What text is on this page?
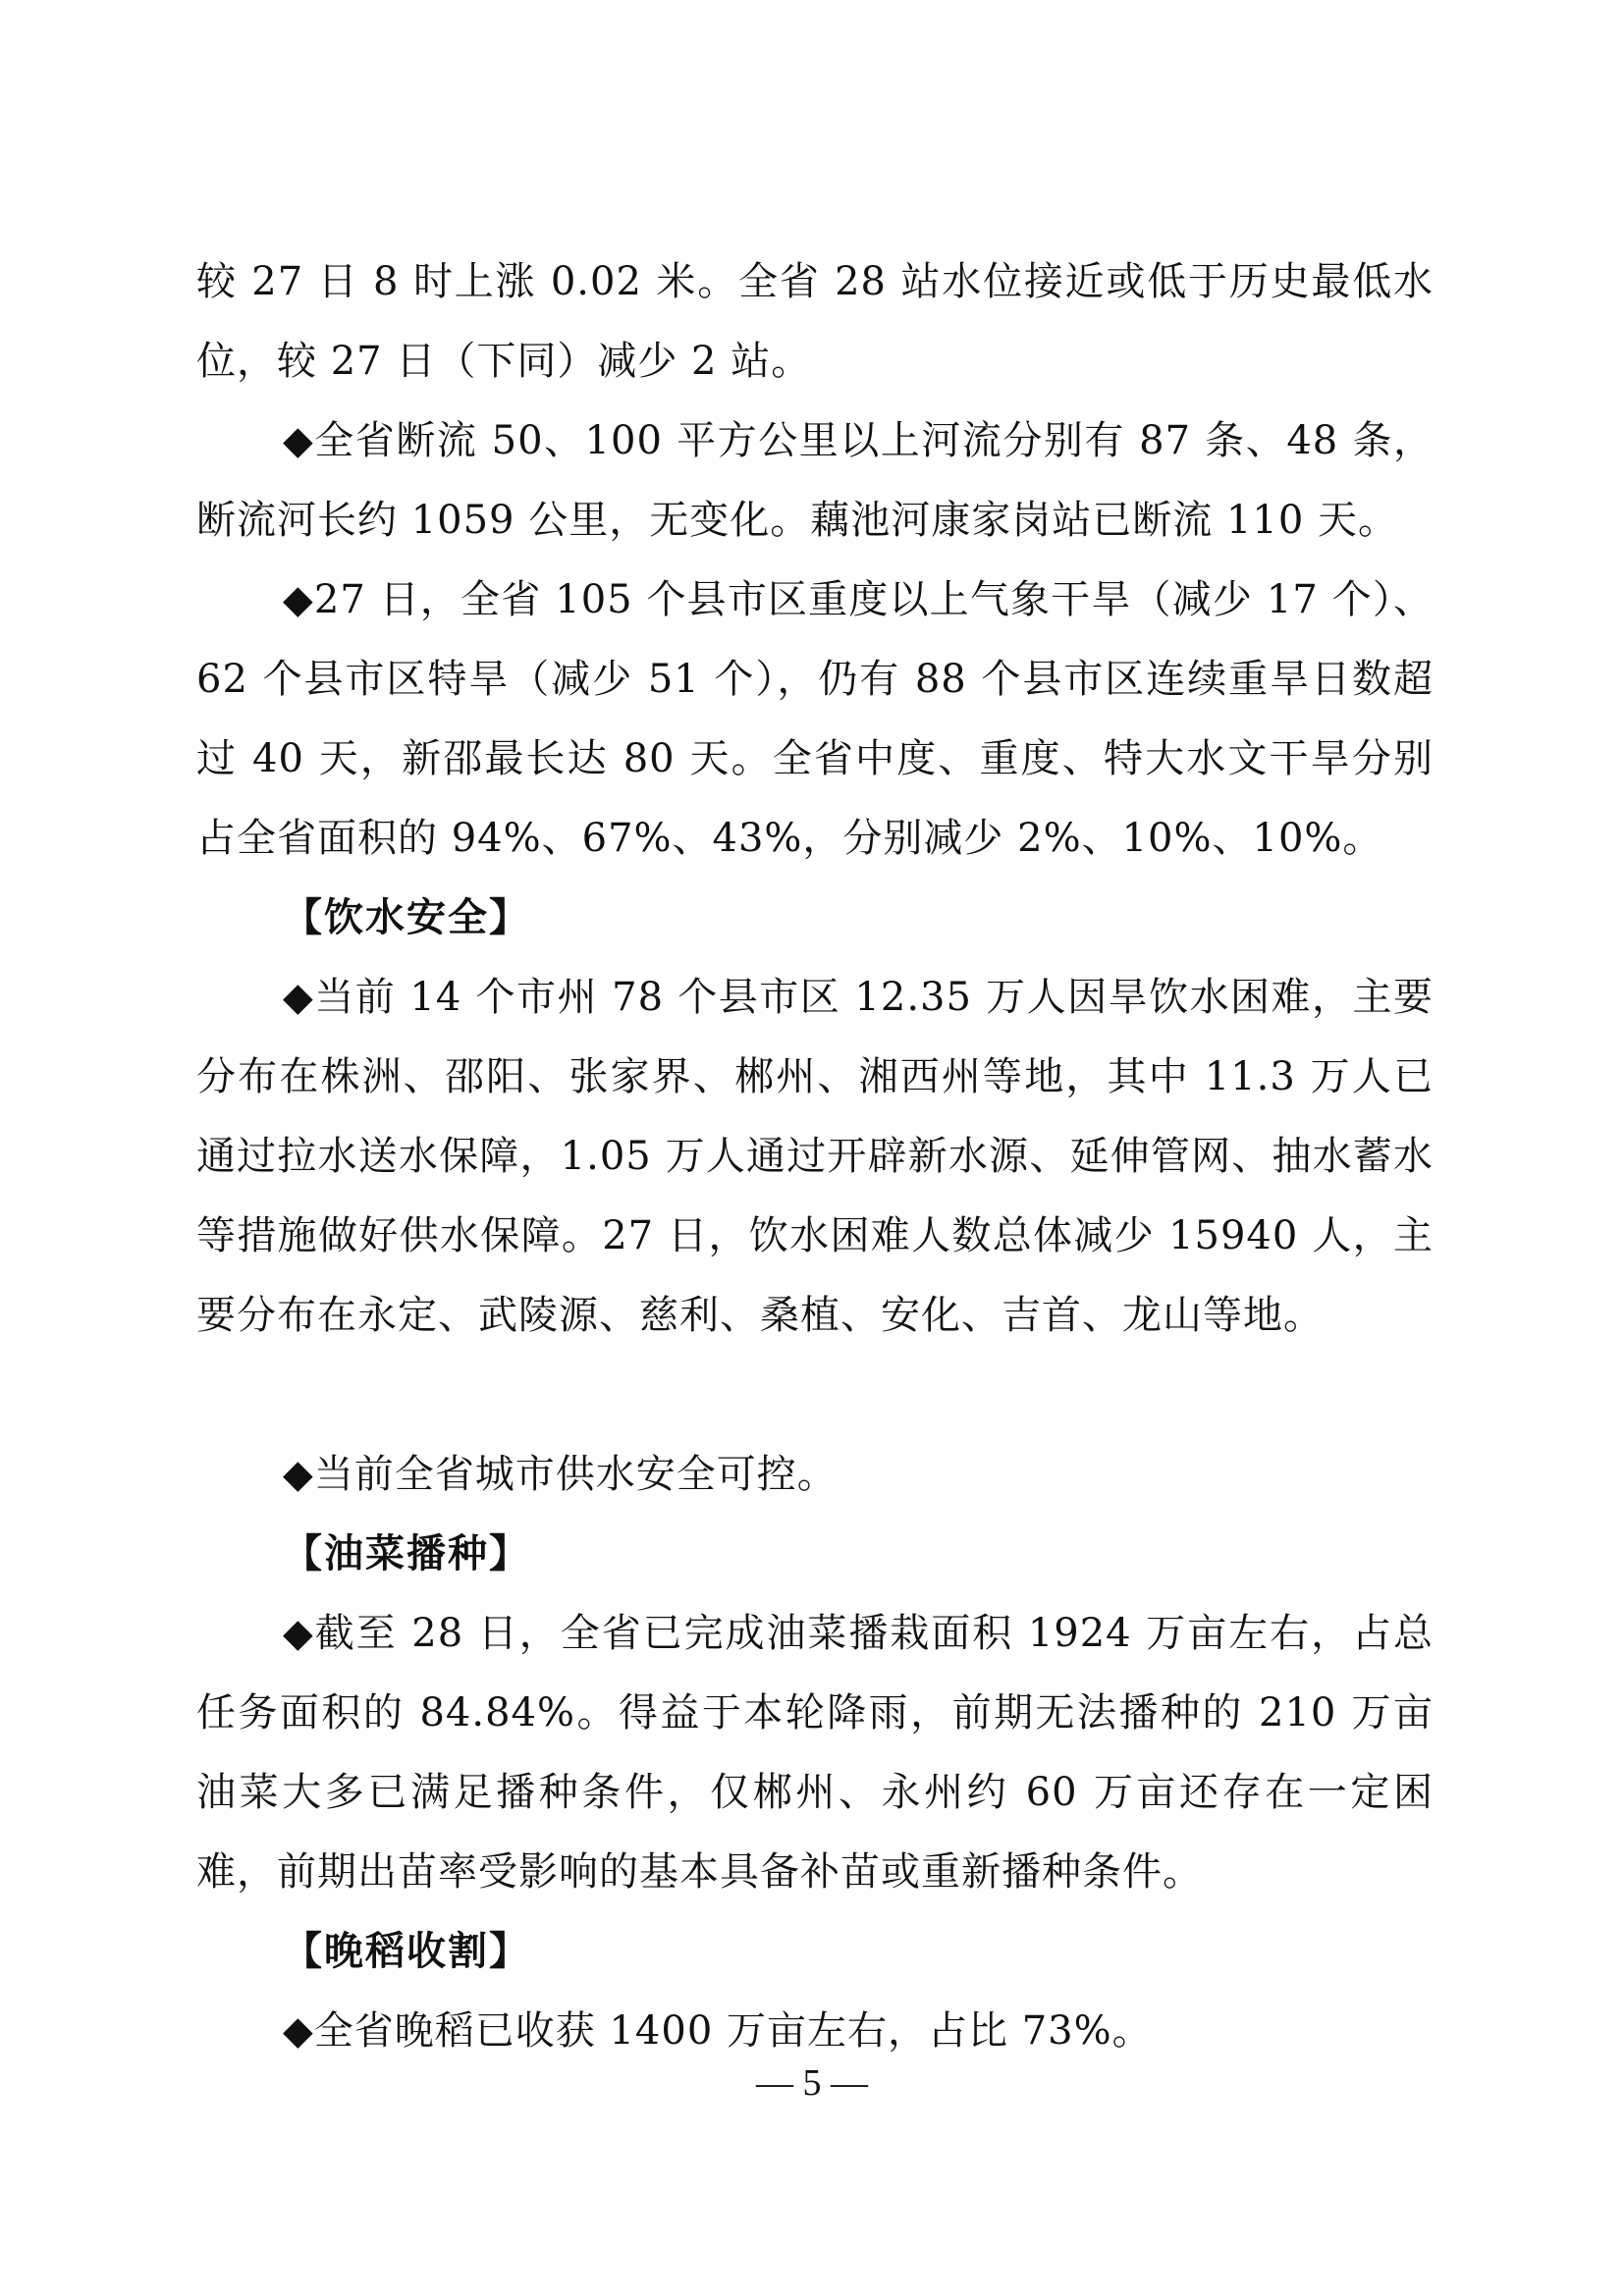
较 27 日 8 时上涨 0.02 米。全省 28 站水位接近或低于历史最低水位，较 27 日（下同）减少 2 站。

◆全省断流 50、100 平方公里以上河流分别有 87 条、48 条，断流河长约 1059 公里，无变化。藕池河康家岗站已断流 110 天。

◆27 日，全省 105 个县市区重度以上气象干旱（减少 17 个）、62 个县市区特旱（减少 51 个），仍有 88 个县市区连续重旱日数超过 40 天，新邵最长达 80 天。全省中度、重度、特大水文干旱分别占全省面积的 94%、67%、43%，分别减少 2%、10%、10%。

【饮水安全】

◆当前 14 个市州 78 个县市区 12.35 万人因旱饮水困难，主要分布在株洲、邵阳、张家界、郴州、湘西州等地，其中 11.3 万人已通过拉水送水保障，1.05 万人通过开辟新水源、延伸管网、抽水蓄水等措施做好供水保障。27 日，饮水困难人数总体减少 15940 人，主要分布在永定、武陵源、慈利、桑植、安化、吉首、龙山等地。

◆当前全省城市供水安全可控。

【油菜播种】

◆截至 28 日，全省已完成油菜播栽面积 1924 万亩左右，占总任务面积的 84.84%。得益于本轮降雨，前期无法播种的 210 万亩油菜大多已满足播种条件，仅郴州、永州约 60 万亩还存在一定困难，前期出苗率受影响的基本具备补苗或重新播种条件。

【晚稻收割】

◆全省晚稻已收获 1400 万亩左右，占比 73%。

— 5 —
